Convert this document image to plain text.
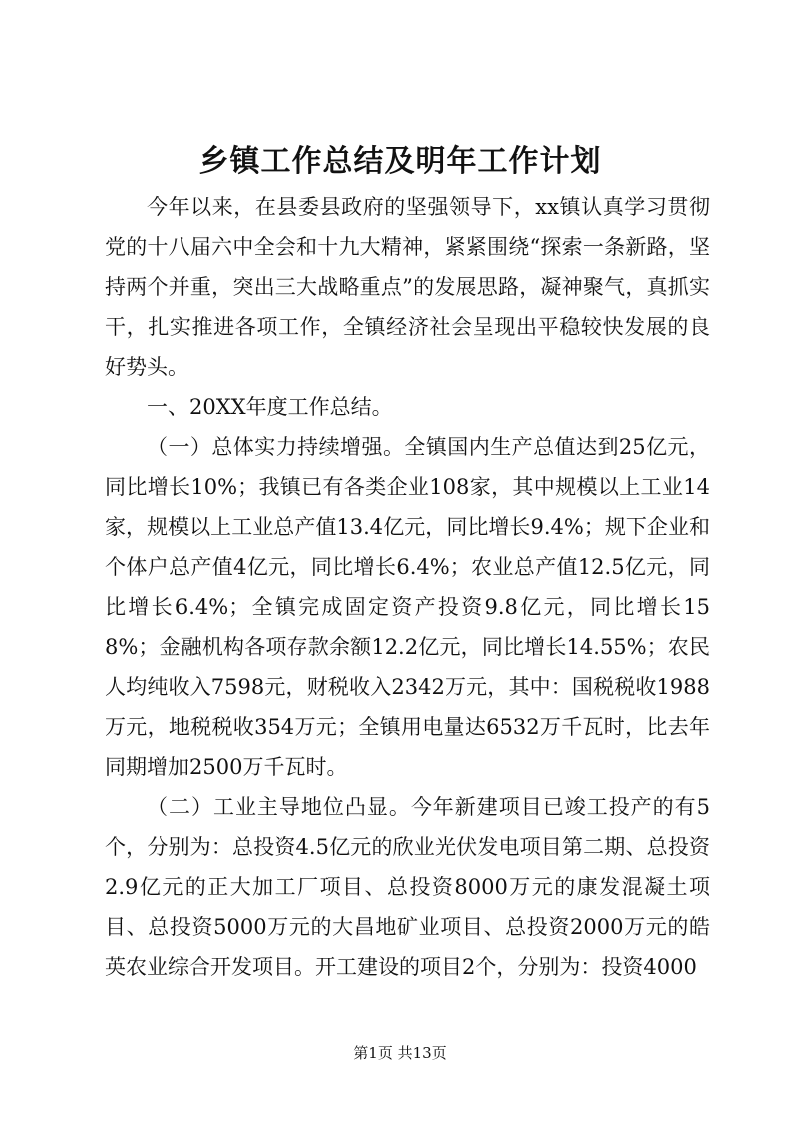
乡镇工作总结及明年工作计划

今年以来，在县委县政府的坚强领导下，xx镇认真学习贯彻党的十八届六中全会和十九大精神，紧紧围绕“探索一条新路，坚持两个并重，突出三大战略重点”的发展思路，凝神聚气，真抓实干，扎实推进各项工作，全镇经济社会呈现出平稳较快发展的良好势头。

一、20XX年度工作总结。

（一）总体实力持续增强。全镇国内生产总值达到25亿元，同比增长10%；我镇已有各类企业108家，其中规模以上工业14家，规模以上工业总产值13.4亿元，同比增长9.4%；规下企业和个体户总产值4亿元，同比增长6.4%；农业总产值12.5亿元，同比增长6.4%；全镇完成固定资产投资9.8亿元，同比增长158%；金融机构各项存款余额12.2亿元，同比增长14.55%；农民人均纯收入7598元，财税收入2342万元，其中：国税税收1988万元，地税税收354万元；全镇用电量达6532万千瓦时，比去年同期增加2500万千瓦时。

（二）工业主导地位凸显。今年新建项目已竣工投产的有5个，分别为：总投资4.5亿元的欣业光伏发电项目第二期、总投资2.9亿元的正大加工厂项目、总投资8000万元的康发混凝土项目、总投资5000万元的大昌地矿业项目、总投资2000万元的皓英农业综合开发项目。开工建设的项目2个，分别为：投资4000

第1页 共13页
